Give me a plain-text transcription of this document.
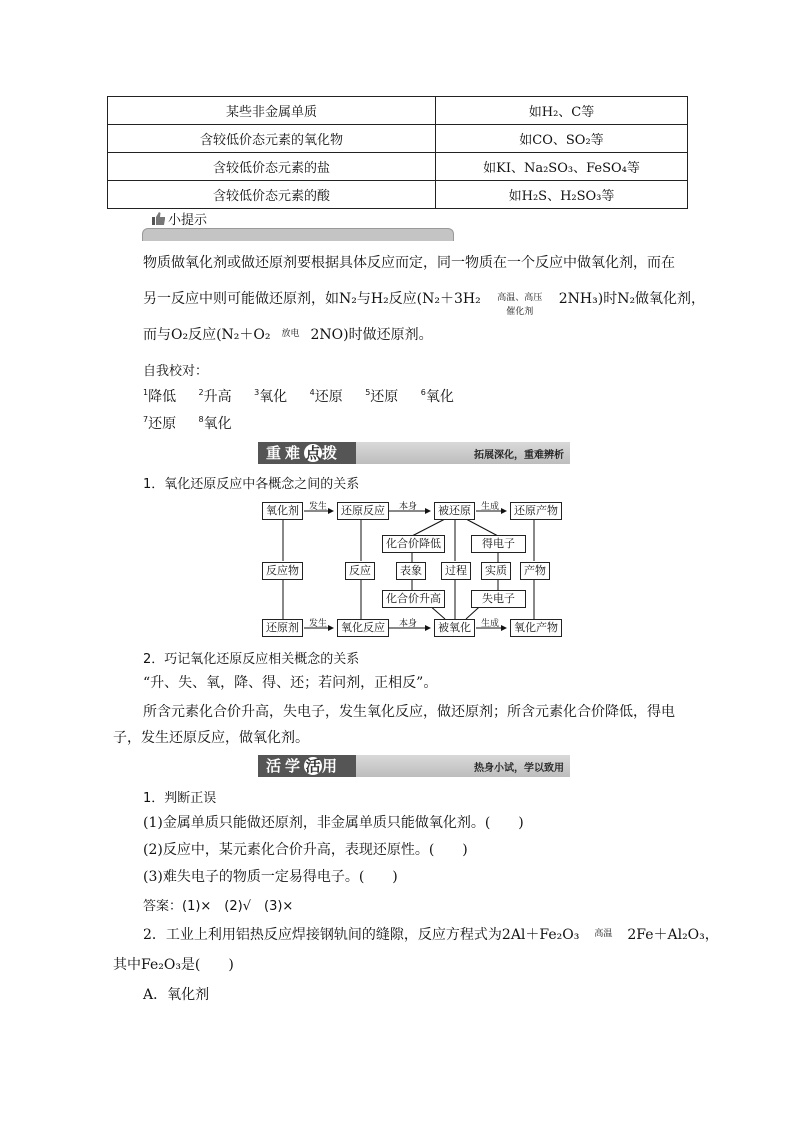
某些非金属单质	如H₂、C等
含较低价态元素的氧化物	如CO、SO₂等
含较低价态元素的盐	如KI、Na₂SO₃、FeSO₄等
含较低价态元素的酸	如H₂S、H₂SO₃等
小提示
物质做氧化剂或做还原剂要根据具体反应而定，同一物质在一个反应中做氧化剂，而在
另一反应中则可能做还原剂，如N₂与H₂反应(N₂＋3H₂	高温、高压
催化剂
2NH₃)时N₂做氧化剂，
而与O₂反应(N₂＋O₂	放电 2NO)时做还原剂。
自我校对：
$^1$降低	$^2$升高	$^3$氧化	$^4$还原	$^5$还原	$^6$氧化
$^7$还原	$^8$氧化
重难点 拨	拓展深化，重难辨析
1．氧化还原反应中各概念之间的关系
氧化剂	还原反应	被还原	还原产物
化合价降低	得电子
反应物	反应	表象	过程	实质	产物
化合价升高	失电子
还原剂	氧化反应	被氧化	氧化产物
发生	本身	生成
发生	本身	生成
2．巧记氧化还原反应相关概念的关系
“升、失、氧，降、得、还；若问剂，正相反”。
所含元素化合价升高，失电子，发生氧化反应，做还原剂；所含元素化合价降低，得电
子，发生还原反应，做氧化剂。
活学活 用	热身小试，学以致用
1．判断正误
(1)金属单质只能做还原剂，非金属单质只能做氧化剂。(　　)
(2)反应中，某元素化合价升高，表现还原性。(　　)
(3)难失电子的物质一定易得电子。(　　)
答案：(1)×　(2)√　(3)×
2．工业上利用铝热反应焊接钢轨间的缝隙，反应方程式为2Al＋Fe₂O₃	高温	2Fe＋Al₂O₃，
其中Fe₂O₃是(　　)
A．氧化剂
